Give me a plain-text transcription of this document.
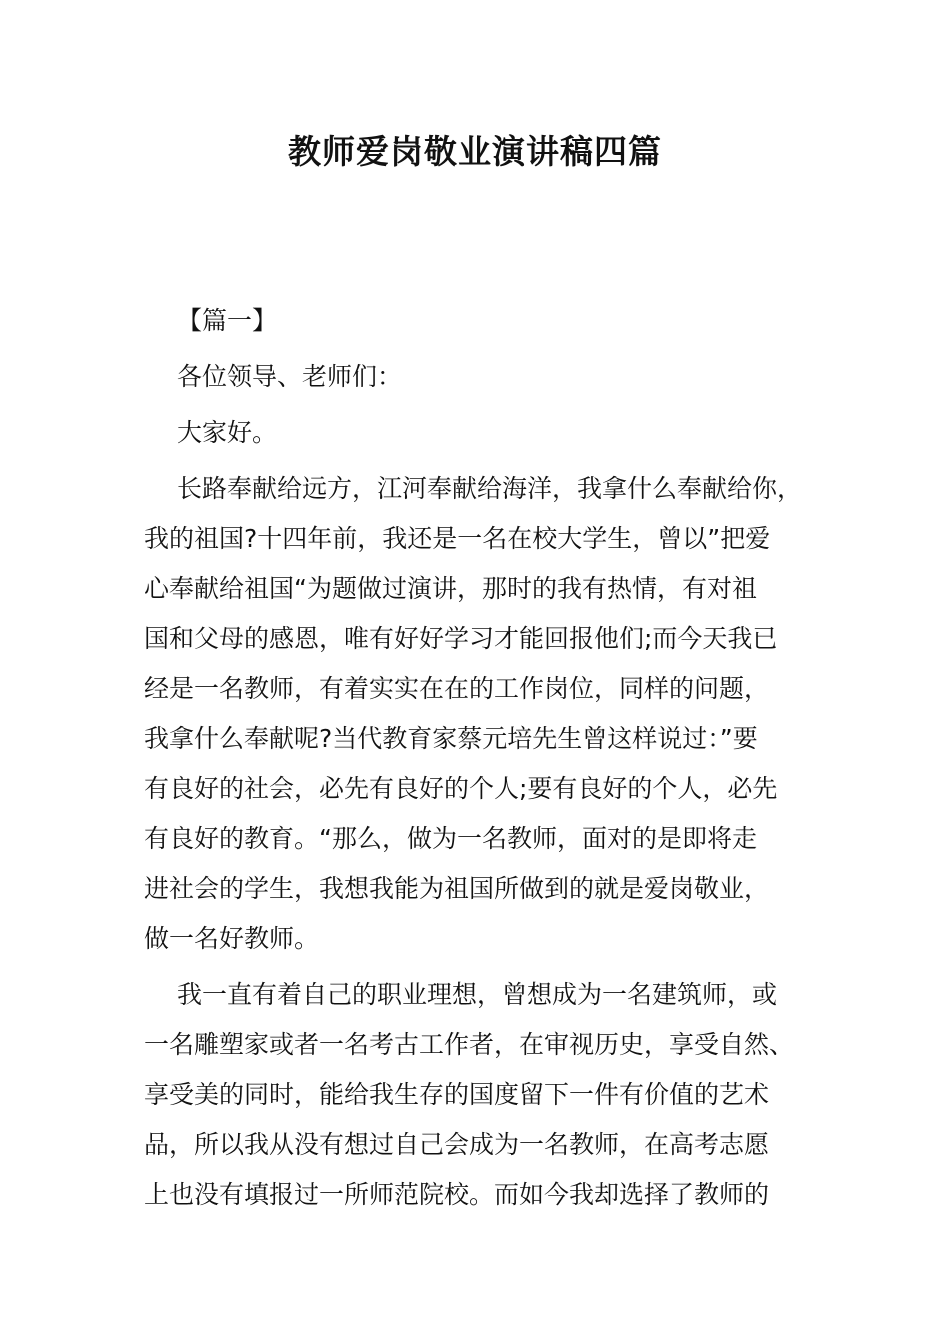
教师爱岗敬业演讲稿四篇
【篇一】
各位领导、老师们：
大家好。
长路奉献给远方，江河奉献给海洋，我拿什么奉献给你，
我的祖国?十四年前，我还是一名在校大学生，曾以”把爱
心奉献给祖国“为题做过演讲，那时的我有热情，有对祖
国和父母的感恩，唯有好好学习才能回报他们;而今天我已
经是一名教师，有着实实在在的工作岗位，同样的问题，
我拿什么奉献呢?当代教育家蔡元培先生曾这样说过：”要
有良好的社会，必先有良好的个人;要有良好的个人，必先
有良好的教育。“那么，做为一名教师，面对的是即将走
进社会的学生，我想我能为祖国所做到的就是爱岗敬业，
做一名好教师。
我一直有着自己的职业理想，曾想成为一名建筑师，或
一名雕塑家或者一名考古工作者，在审视历史，享受自然、
享受美的同时，能给我生存的国度留下一件有价值的艺术
品，所以我从没有想过自己会成为一名教师，在高考志愿
上也没有填报过一所师范院校。而如今我却选择了教师的
